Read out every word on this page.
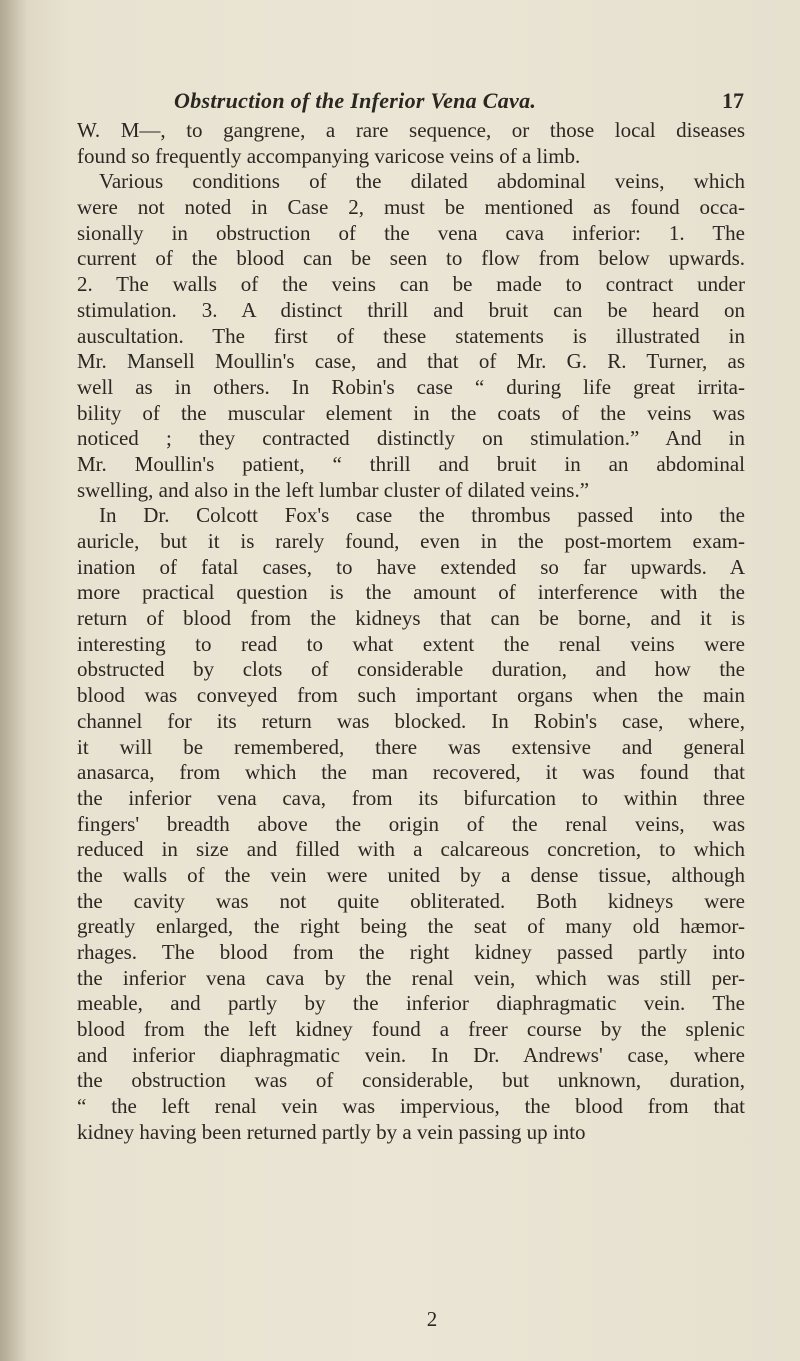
Obstruction of the Inferior Vena Cava.	17
W. M—, to gangrene, a rare sequence, or those local diseases
found so frequently accompanying varicose veins of a limb.
Various conditions of the dilated abdominal veins, which
were not noted in Case 2, must be mentioned as found occa-
sionally in obstruction of the vena cava inferior: 1. The
current of the blood can be seen to flow from below upwards.
2. The walls of the veins can be made to contract under
stimulation. 3. A distinct thrill and bruit can be heard on
auscultation. The first of these statements is illustrated in
Mr. Mansell Moullin's case, and that of Mr. G. R. Turner, as
well as in others. In Robin's case “ during life great irrita-
bility of the muscular element in the coats of the veins was
noticed ; they contracted distinctly on stimulation.” And in
Mr. Moullin's patient, “ thrill and bruit in an abdominal
swelling, and also in the left lumbar cluster of dilated veins.”
In Dr. Colcott Fox's case the thrombus passed into the
auricle, but it is rarely found, even in the post-mortem exam-
ination of fatal cases, to have extended so far upwards. A
more practical question is the amount of interference with the
return of blood from the kidneys that can be borne, and it is
interesting to read to what extent the renal veins were
obstructed by clots of considerable duration, and how the
blood was conveyed from such important organs when the main
channel for its return was blocked. In Robin's case, where,
it will be remembered, there was extensive and general
anasarca, from which the man recovered, it was found that
the inferior vena cava, from its bifurcation to within three
fingers' breadth above the origin of the renal veins, was
reduced in size and filled with a calcareous concretion, to which
the walls of the vein were united by a dense tissue, although
the cavity was not quite obliterated. Both kidneys were
greatly enlarged, the right being the seat of many old hæmor-
rhages. The blood from the right kidney passed partly into
the inferior vena cava by the renal vein, which was still per-
meable, and partly by the inferior diaphragmatic vein. The
blood from the left kidney found a freer course by the splenic
and inferior diaphragmatic vein. In Dr. Andrews' case, where
the obstruction was of considerable, but unknown, duration,
“ the left renal vein was impervious, the blood from that
kidney having been returned partly by a vein passing up into
2
